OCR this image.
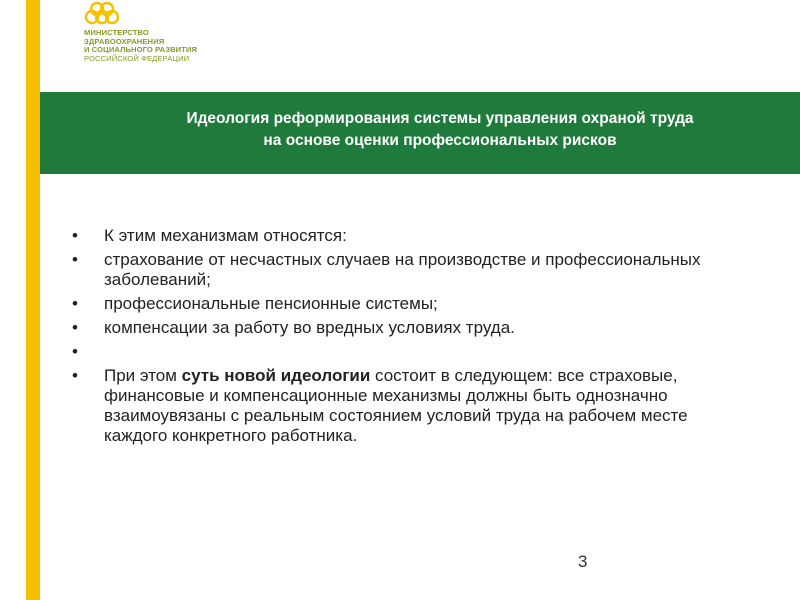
МИНИСТЕРСТВО
ЗДРАВООХРАНЕНИЯ
И СОЦИАЛЬНОГО РАЗВИТИЯ
РОССИЙСКОЙ ФЕДЕРАЦИИ
Идеология реформирования системы управления охраной труда
на основе оценки профессиональных рисков
• К этим механизмам относятся:
• страхование от несчастных случаев на производстве и профессиональных заболеваний;
• профессиональные пенсионные системы;
• компенсации за работу во вредных условиях труда.
•
• При этом суть новой идеологии состоит в следующем: все страховые, финансовые и компенсационные механизмы должны быть однозначно взаимоувязаны с реальным состоянием условий труда на рабочем месте каждого конкретного работника.
3
